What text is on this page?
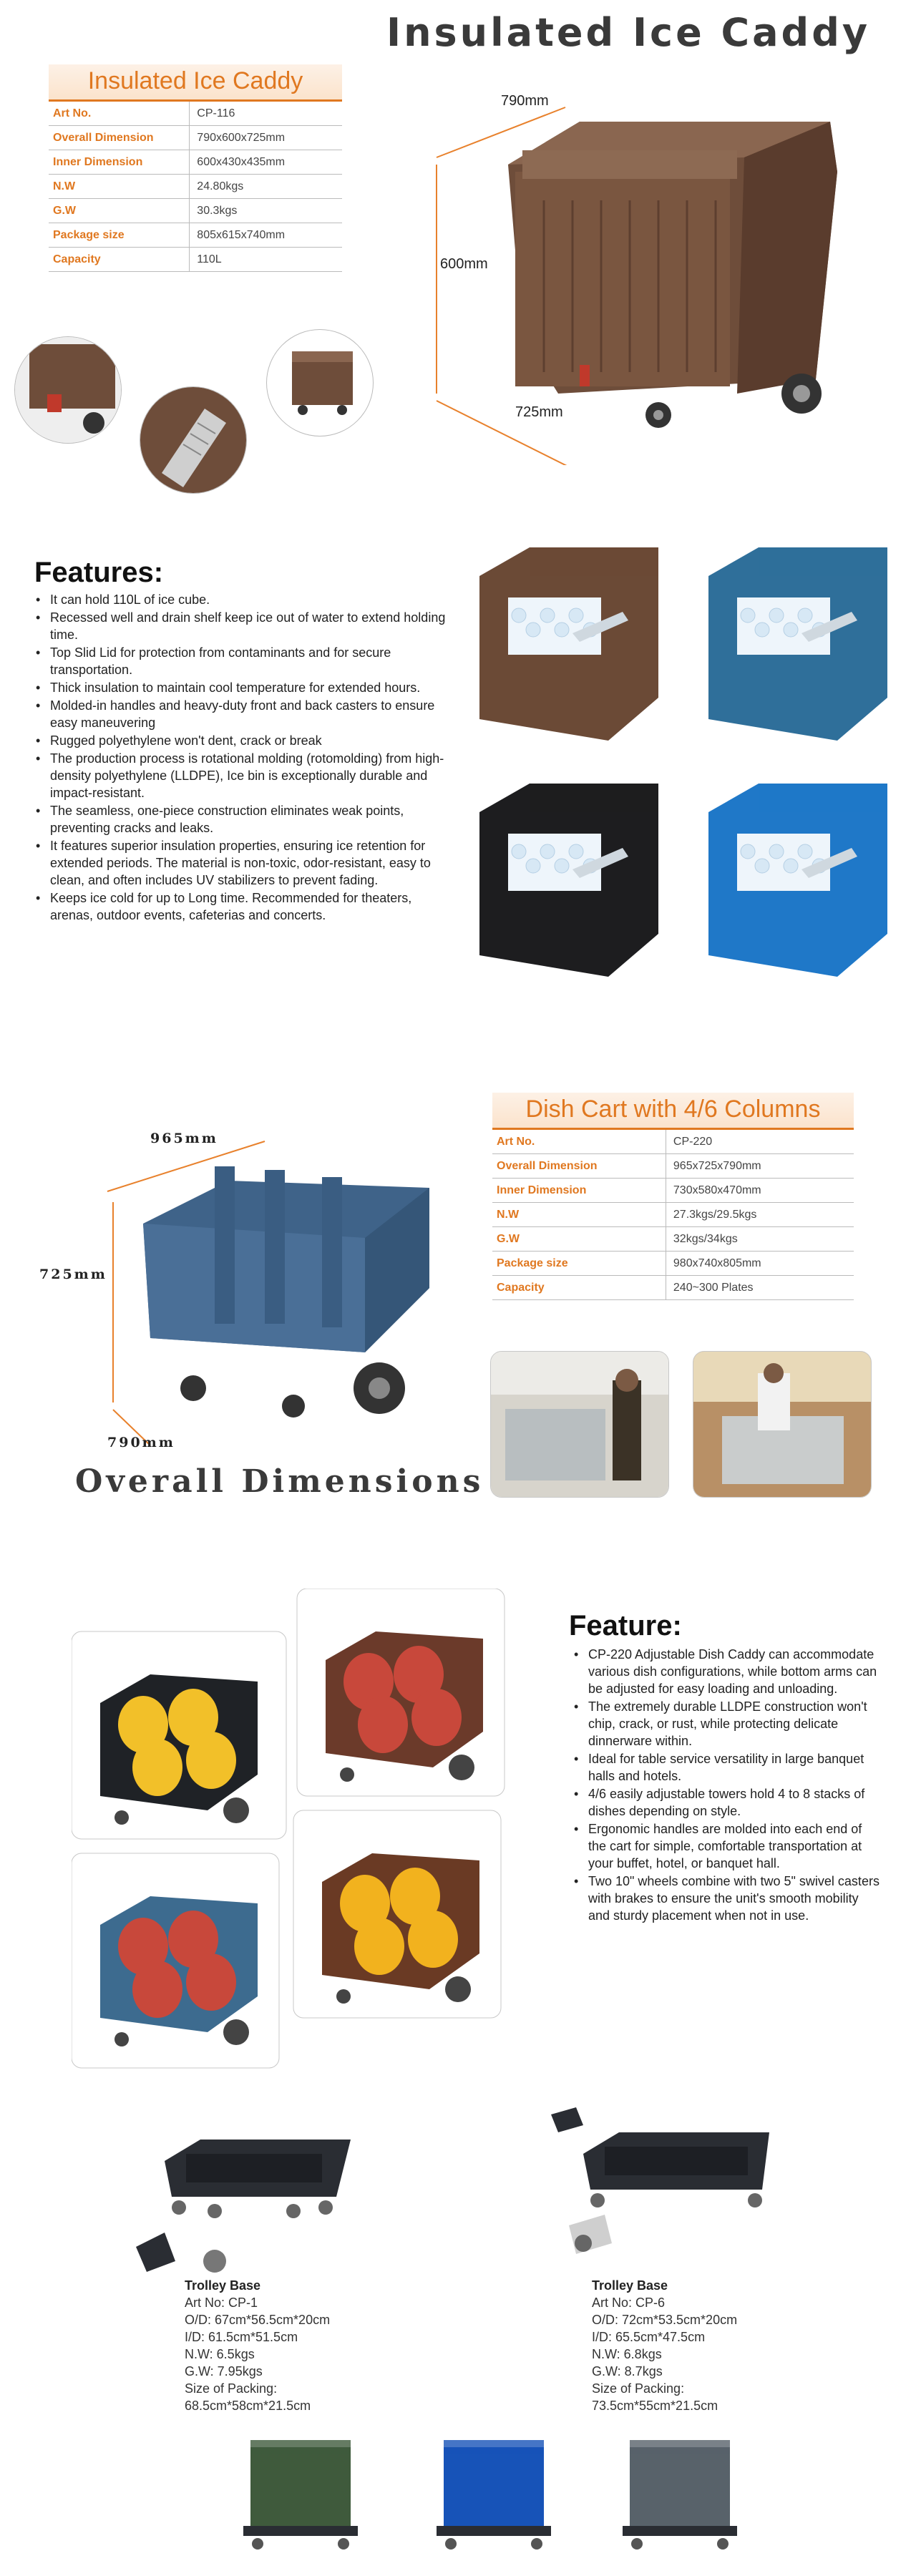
Insulated Ice Caddy
Insulated Ice Caddy
Art No.	CP-116
Overall Dimension	790x600x725mm
Inner Dimension	600x430x435mm
N.W	24.80kgs
G.W	30.3kgs
Package size	805x615x740mm
Capacity	110L
790mm
600mm
725mm
Features:
• It can hold 110L of ice cube.
• Recessed well and drain shelf keep ice out of water to extend holding time.
• Top Slid Lid for protection from contaminants and for secure transportation.
• Thick insulation to maintain cool temperature for extended hours.
• Molded-in handles and heavy-duty front and back casters to ensure easy maneuvering
• Rugged polyethylene won't dent, crack or break
• The production process is rotational molding (rotomolding) from high-density polyethylene (LLDPE), Ice bin is exceptionally durable and impact-resistant.
• The seamless, one-piece construction eliminates weak points, preventing cracks and leaks.
• It features superior insulation properties, ensuring ice retention for extended periods. The material is non-toxic, odor-resistant, easy to clean, and often includes UV stabilizers to prevent fading.
• Keeps ice cold for up to Long time. Recommended for theaters, arenas, outdoor events, cafeterias and concerts.
965mm
725mm
790mm
Overall Dimensions
Dish Cart with 4/6 Columns
Art No.	CP-220
Overall Dimension	965x725x790mm
Inner Dimension	730x580x470mm
N.W	27.3kgs/29.5kgs
G.W	32kgs/34kgs
Package size	980x740x805mm
Capacity	240~300 Plates
Feature:
• CP-220 Adjustable Dish Caddy can accommodate various dish configurations, while bottom arms can be adjusted for easy loading and unloading.
• The extremely durable LLDPE construction won't chip, crack, or rust, while protecting delicate dinnerware within.
• Ideal for table service versatility in large banquet halls and hotels.
• 4/6 easily adjustable towers hold 4 to 8 stacks of dishes depending on style.
• Ergonomic handles are molded into each end of the cart for simple, comfortable transportation at your buffet, hotel, or banquet hall.
• Two 10" wheels combine with two 5" swivel casters with brakes to ensure the unit's smooth mobility and sturdy placement when not in use.
Trolley Base
Art No: CP-1
O/D: 67cm*56.5cm*20cm
I/D: 61.5cm*51.5cm
N.W: 6.5kgs
G.W: 7.95kgs
Size of Packing:
68.5cm*58cm*21.5cm
Trolley Base
Art No: CP-6
O/D: 72cm*53.5cm*20cm
I/D: 65.5cm*47.5cm
N.W: 6.8kgs
G.W: 8.7kgs
Size of Packing:
73.5cm*55cm*21.5cm
